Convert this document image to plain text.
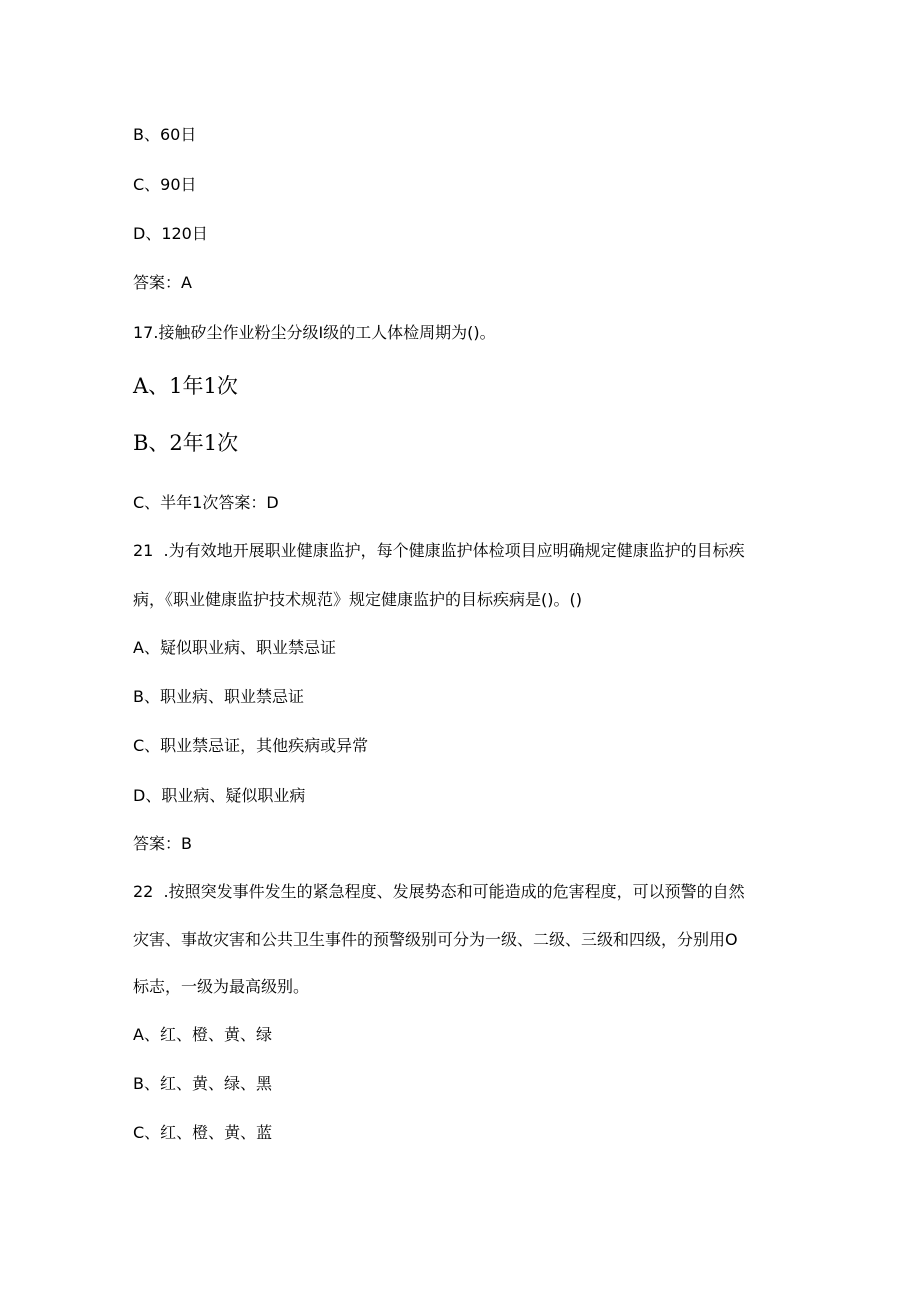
B、60日
C、90日
D、120日
答案：A
17.接触矽尘作业粉尘分级I级的工人体检周期为()。
A、1年1次
B、2年1次
C、半年1次答案：D
21  .为有效地开展职业健康监护，每个健康监护体检项目应明确规定健康监护的目标疾
病，《职业健康监护技术规范》规定健康监护的目标疾病是()。()
A、疑似职业病、职业禁忌证
B、职业病、职业禁忌证
C、职业禁忌证，其他疾病或异常
D、职业病、疑似职业病
答案：B
22  .按照突发事件发生的紧急程度、发展势态和可能造成的危害程度，可以预警的自然
灾害、事故灾害和公共卫生事件的预警级别可分为一级、二级、三级和四级，分别用O
标志，一级为最高级别。
A、红、橙、黄、绿
B、红、黄、绿、黑
C、红、橙、黄、蓝
